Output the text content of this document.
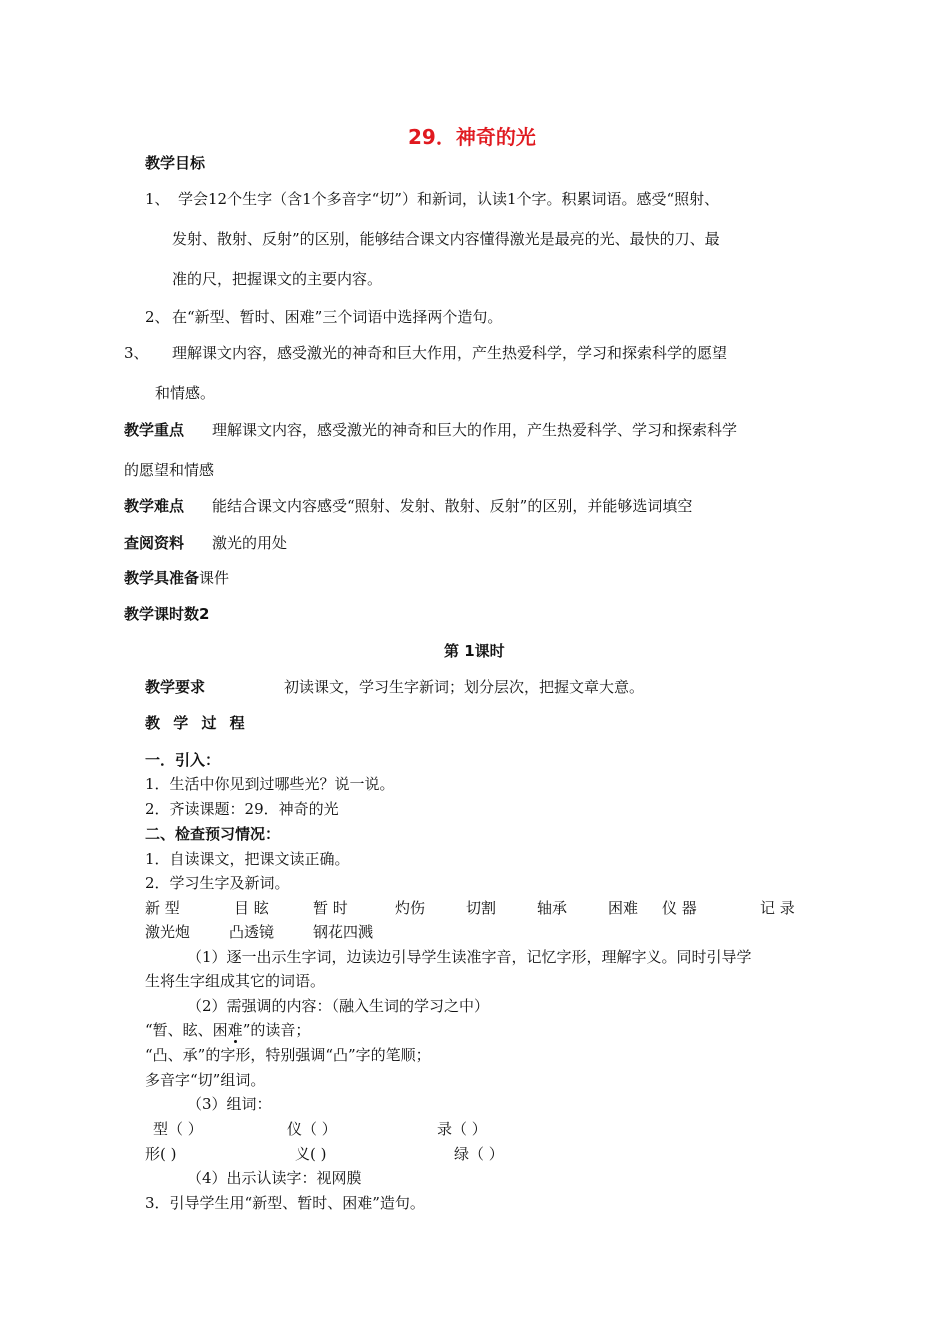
29．神奇的光
教学目标
1、 学会12个生字（含1个多音字“切”）和新词，认读1个字。积累词语。感受“照射、
发射、散射、反射”的区别，能够结合课文内容懂得激光是最亮的光、最快的刀、最
准的尺，把握课文的主要内容。
2、 在“新型、暂时、困难”三个词语中选择两个造句。
3、 理解课文内容，感受激光的神奇和巨大作用，产生热爱科学，学习和探索科学的愿望
和情感。
教学重点 理解课文内容，感受激光的神奇和巨大的作用，产生热爱科学、学习和探索科学
的愿望和情感
教学难点 能结合课文内容感受“照射、发射、散射、反射”的区别，并能够选词填空
查阅资料 激光的用处
教学具准备课件
教学课时数2
第 1课时
教学要求	初读课文，学习生字新词；划分层次，把握文章大意。
教 学 过 程
一．引入：
1．生活中你见到过哪些光？说一说。
2．齐读课题：29．神奇的光
二、检查预习情况：
1．自读课文，把课文读正确。
2．学习生字及新词。
新 型	目 眩	暂 时	灼伤	切割	轴承	困难 仪 器	记 录
激光炮	凸透镜	钢花四溅
（1）逐一出示生字词，边读边引导学生读准字音，记忆字形，理解字义。同时引导学
生将生字组成其它的词语。
（2）需强调的内容：（融入生词的学习之中）
“暂、眩、困难”的读音；
“凸、承”的字形，特别强调“凸”字的笔顺；
多音字“切”组词。
（3）组词：
型（ ）	仪（ ）	录（ ）
形( )	义( )	绿（ ）
（4）出示认读字：视网膜
3．引导学生用“新型、暂时、困难”造句。
